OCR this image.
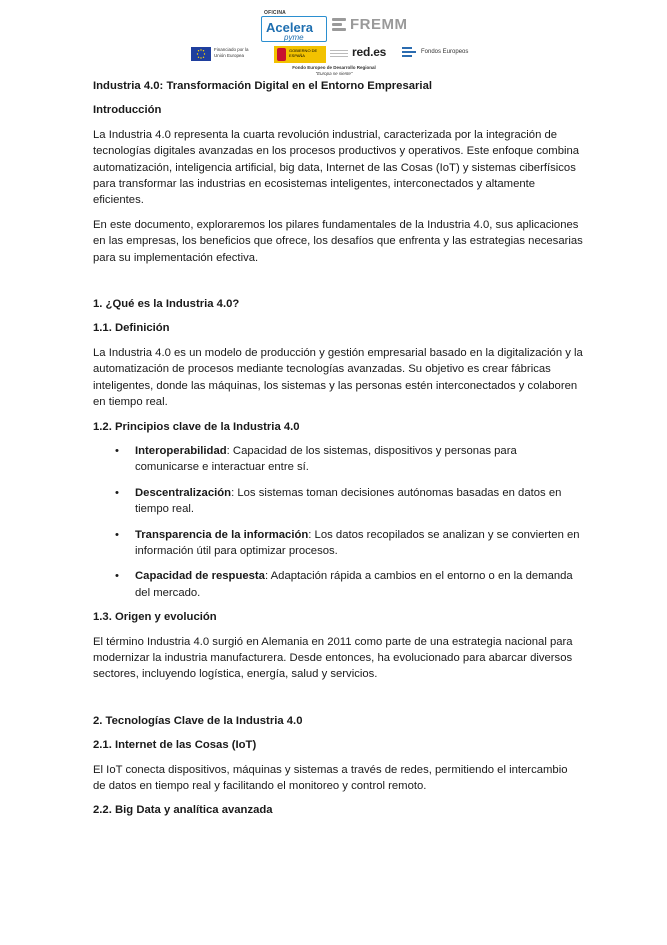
OFICINA
Acelera
pyme
FREMM
Financiado por la Unión Europea
GOBIERNO DE ESPAÑA	red.es	Fondos Europeos
Fondo Europeo de Desarrollo Regional
"Europa se siente"

Industria 4.0: Transformación Digital en el Entorno Empresarial

Introducción

La Industria 4.0 representa la cuarta revolución industrial, caracterizada por la integración de tecnologías digitales avanzadas en los procesos productivos y operativos. Este enfoque combina automatización, inteligencia artificial, big data, Internet de las Cosas (IoT) y sistemas ciberfísicos para transformar las industrias en ecosistemas inteligentes, interconectados y altamente eficientes.

En este documento, exploraremos los pilares fundamentales de la Industria 4.0, sus aplicaciones en las empresas, los beneficios que ofrece, los desafíos que enfrenta y las estrategias necesarias para su implementación efectiva.

1. ¿Qué es la Industria 4.0?

1.1. Definición

La Industria 4.0 es un modelo de producción y gestión empresarial basado en la digitalización y la automatización de procesos mediante tecnologías avanzadas. Su objetivo es crear fábricas inteligentes, donde las máquinas, los sistemas y las personas estén interconectados y colaboren en tiempo real.

1.2. Principios clave de la Industria 4.0

• Interoperabilidad: Capacidad de los sistemas, dispositivos y personas para comunicarse e interactuar entre sí.
• Descentralización: Los sistemas toman decisiones autónomas basadas en datos en tiempo real.
• Transparencia de la información: Los datos recopilados se analizan y se convierten en información útil para optimizar procesos.
• Capacidad de respuesta: Adaptación rápida a cambios en el entorno o en la demanda del mercado.

1.3. Origen y evolución

El término Industria 4.0 surgió en Alemania en 2011 como parte de una estrategia nacional para modernizar la industria manufacturera. Desde entonces, ha evolucionado para abarcar diversos sectores, incluyendo logística, energía, salud y servicios.

2. Tecnologías Clave de la Industria 4.0

2.1. Internet de las Cosas (IoT)

El IoT conecta dispositivos, máquinas y sistemas a través de redes, permitiendo el intercambio de datos en tiempo real y facilitando el monitoreo y control remoto.

2.2. Big Data y analítica avanzada
